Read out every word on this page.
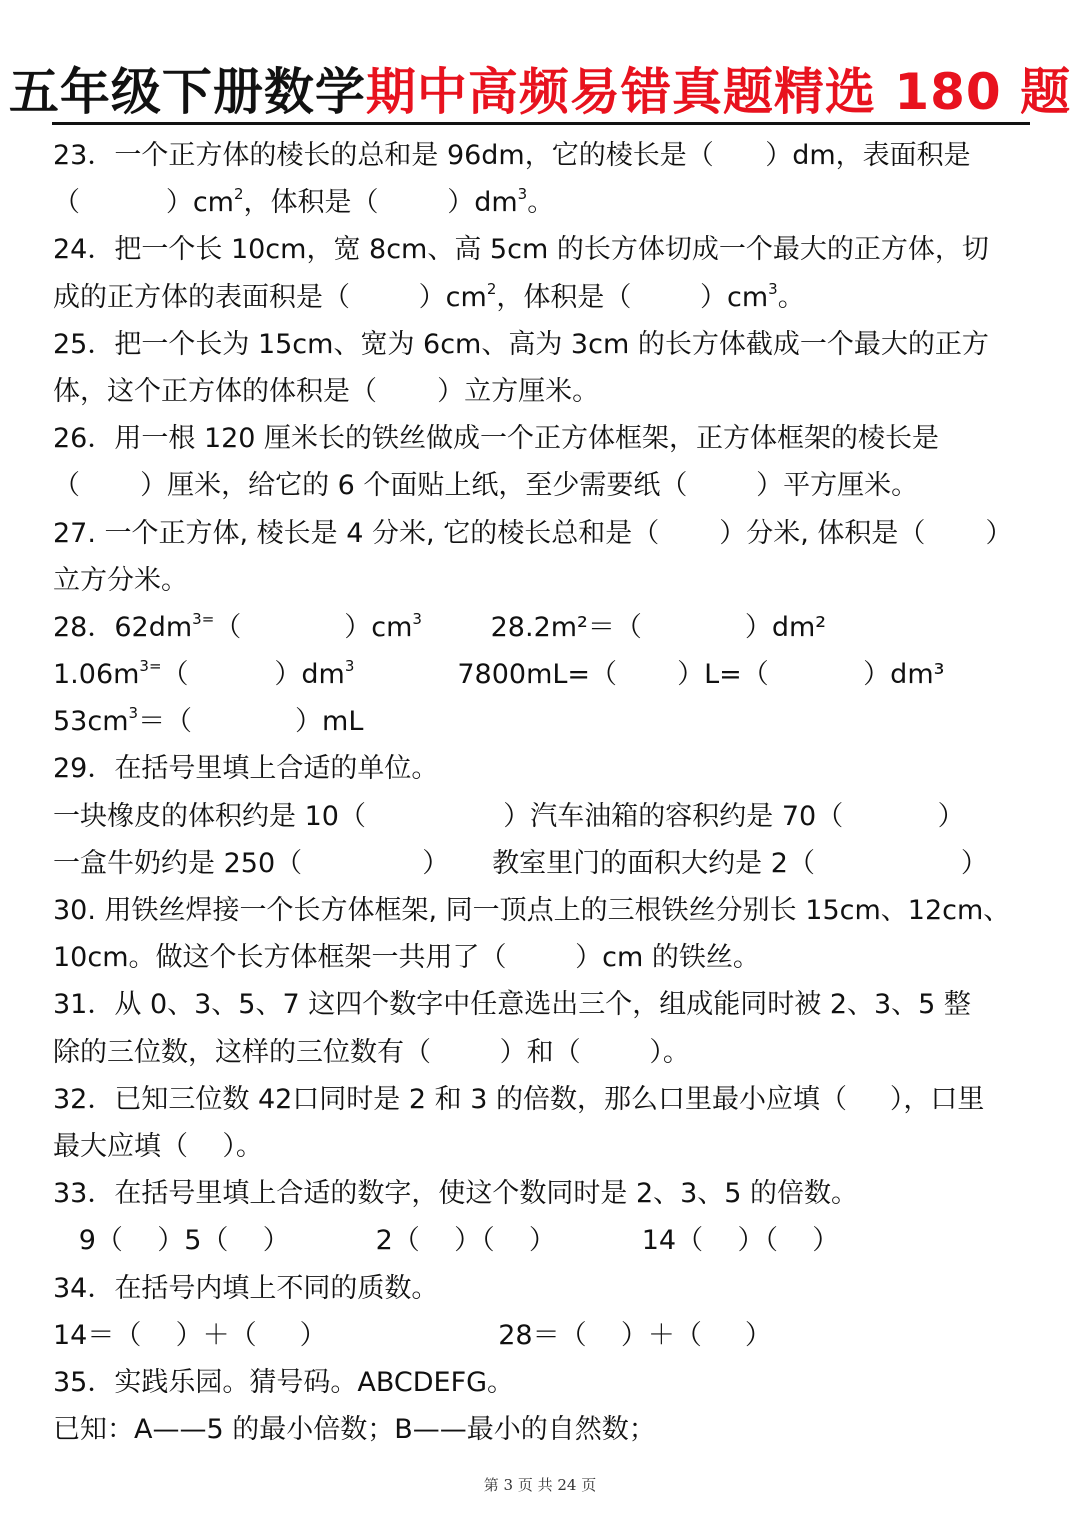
五年级下册数学期中高频易错真题精选 180 题
23．一个正方体的棱长的总和是 96dm，它的棱长是（      ）dm，表面积是
（          ）$cm^2$，体积是（        ）$dm^3$。
24．把一个长 10cm，宽 8cm、高 5cm 的长方体切成一个最大的正方体，切
成的正方体的表面积是（        ）$cm^2$，体积是（        ）$cm^3$。
25．把一个长为 15cm、宽为 6cm、高为 3cm 的长方体截成一个最大的正方
体，这个正方体的体积是（       ）立方厘米。
26．用一根 120 厘米长的铁丝做成一个正方体框架，正方体框架的棱长是
（       ）厘米，给它的 6 个面贴上纸，至少需要纸（        ）平方厘米。
27. 一个正方体, 棱长是 4 分米, 它的棱长总和是（       ）分米, 体积是（       ）
立方分米。
28．$62dm^{3=}$（            ）$cm^3$        28.2m²＝（            ）dm²
$1.06m^{3=}$（          ）$dm^3$            7800mL=（       ）L=（           ）dm³
$53cm^3=$（            ）mL
29．在括号里填上合适的单位。
一块橡皮的体积约是 10（                ）汽车油箱的容积约是 70（           ）
一盒牛奶约是 250（              ）     教室里门的面积大约是 2（                 ）
30. 用铁丝焊接一个长方体框架, 同一顶点上的三根铁丝分别长 15cm、12cm、
10cm。做这个长方体框架一共用了（        ）cm 的铁丝。
31．从 0、3、5、7 这四个数字中任意选出三个，组成能同时被 2、3、5 整
除的三位数，这样的三位数有（        ）和（        ）。
32．已知三位数 42口同时是 2 和 3 的倍数，那么口里最小应填（     ），口里
最大应填（    ）。
33．在括号里填上合适的数字，使这个数同时是 2、3、5 的倍数。
9（    ）5（    ）          2（    ）（    ）          14（    ）（    ）
34．在括号内填上不同的质数。
14＝（    ）＋（     ）                    28＝（    ）＋（     ）
35．实践乐园。猜号码。ABCDEFG。
已知：A——5 的最小倍数；B——最小的自然数；
第 3 页 共 24 页
